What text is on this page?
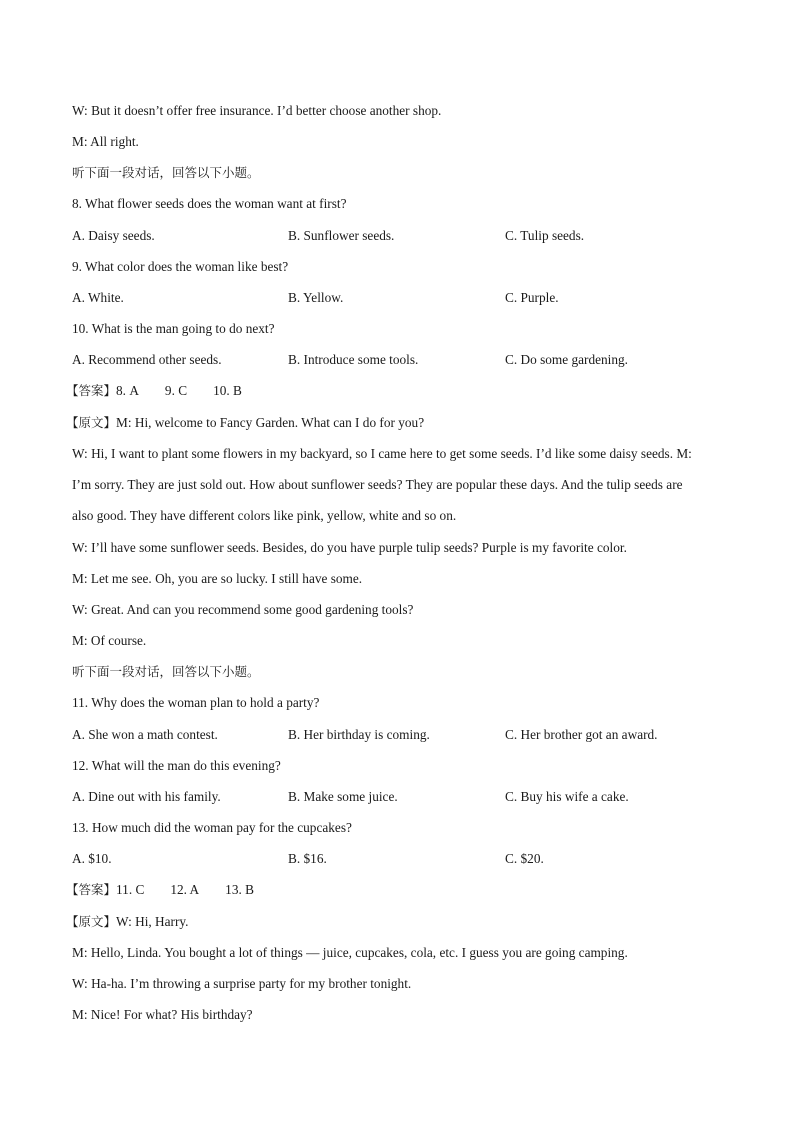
W: But it doesn’t offer free insurance. I’d better choose another shop.
M: All right.
听下面一段对话，回答以下小题。
8. What flower seeds does the woman want at first?
A. Daisy seeds.	B. Sunflower seeds.	C. Tulip seeds.
9. What color does the woman like best?
A. White.	B. Yellow.	C. Purple.
10. What is the man going to do next?
A. Recommend other seeds.	B. Introduce some tools.	C. Do some gardening.
【答案】8. A 9. C 10. B
【原文】M: Hi, welcome to Fancy Garden. What can I do for you?
W: Hi, I want to plant some flowers in my backyard, so I came here to get some seeds. I’d like some daisy seeds. M:
I’m sorry. They are just sold out. How about sunflower seeds? They are popular these days. And the tulip seeds are
also good. They have different colors like pink, yellow, white and so on.
W: I’ll have some sunflower seeds. Besides, do you have purple tulip seeds? Purple is my favorite color.
M: Let me see. Oh, you are so lucky. I still have some.
W: Great. And can you recommend some good gardening tools?
M: Of course.
听下面一段对话，回答以下小题。
11. Why does the woman plan to hold a party?
A. She won a math contest.	B. Her birthday is coming.	C. Her brother got an award.
12. What will the man do this evening?
A. Dine out with his family.	B. Make some juice.	C. Buy his wife a cake.
13. How much did the woman pay for the cupcakes?
A. $10.	B. $16.	C. $20.
【答案】11. C 12. A 13. B
【原文】W: Hi, Harry.
M: Hello, Linda. You bought a lot of things — juice, cupcakes, cola, etc. I guess you are going camping.
W: Ha-ha. I’m throwing a surprise party for my brother tonight.
M: Nice! For what? His birthday?
